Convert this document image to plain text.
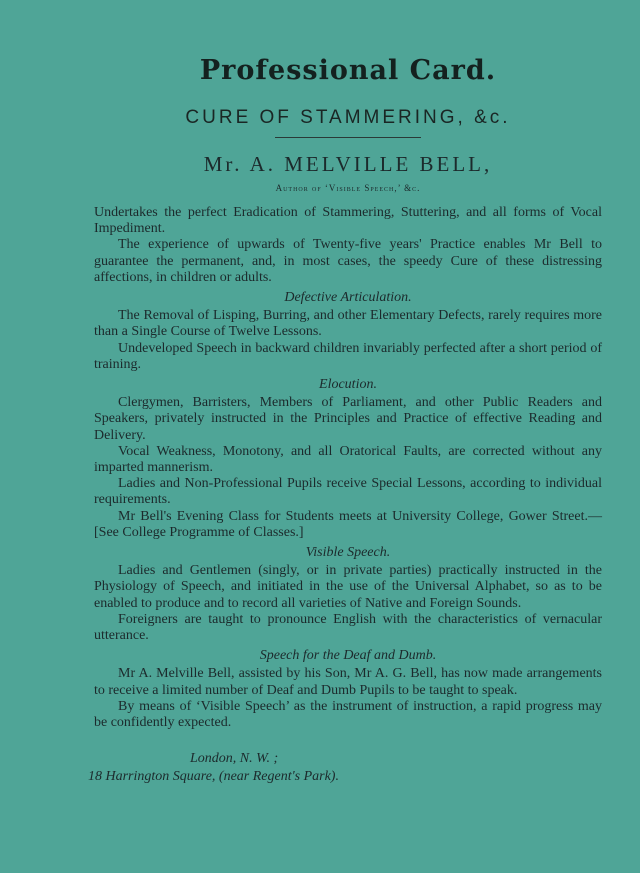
Professional Card.
CURE OF STAMMERING, &c.
Mr. A. MELVILLE BELL,
Author of ‘Visible Speech,’ &c.

Undertakes the perfect Eradication of Stammering, Stuttering, and all forms of Vocal Impediment.

The experience of upwards of Twenty-five years' Practice enables Mr Bell to guarantee the permanent, and, in most cases, the speedy Cure of these distressing affections, in children or adults.

Defective Articulation.

The Removal of Lisping, Burring, and other Elementary Defects, rarely requires more than a Single Course of Twelve Lessons.

Undeveloped Speech in backward children invariably perfected after a short period of training.

Elocution.

Clergymen, Barristers, Members of Parliament, and other Public Readers and Speakers, privately instructed in the Principles and Practice of effective Reading and Delivery.

Vocal Weakness, Monotony, and all Oratorical Faults, are corrected without any imparted mannerism.

Ladies and Non-Professional Pupils receive Special Lessons, according to individual requirements.

Mr Bell's Evening Class for Students meets at University College, Gower Street.—[See College Programme of Classes.]

Visible Speech.

Ladies and Gentlemen (singly, or in private parties) practically instructed in the Physiology of Speech, and initiated in the use of the Universal Alphabet, so as to be enabled to produce and to record all varieties of Native and Foreign Sounds.

Foreigners are taught to pronounce English with the characteristics of vernacular utterance.

Speech for the Deaf and Dumb.

Mr A. Melville Bell, assisted by his Son, Mr A. G. Bell, has now made arrangements to receive a limited number of Deaf and Dumb Pupils to be taught to speak.

By means of ‘Visible Speech’ as the instrument of instruction, a rapid progress may be confidently expected.

London, N. W. ;
18 Harrington Square, (near Regent's Park).
